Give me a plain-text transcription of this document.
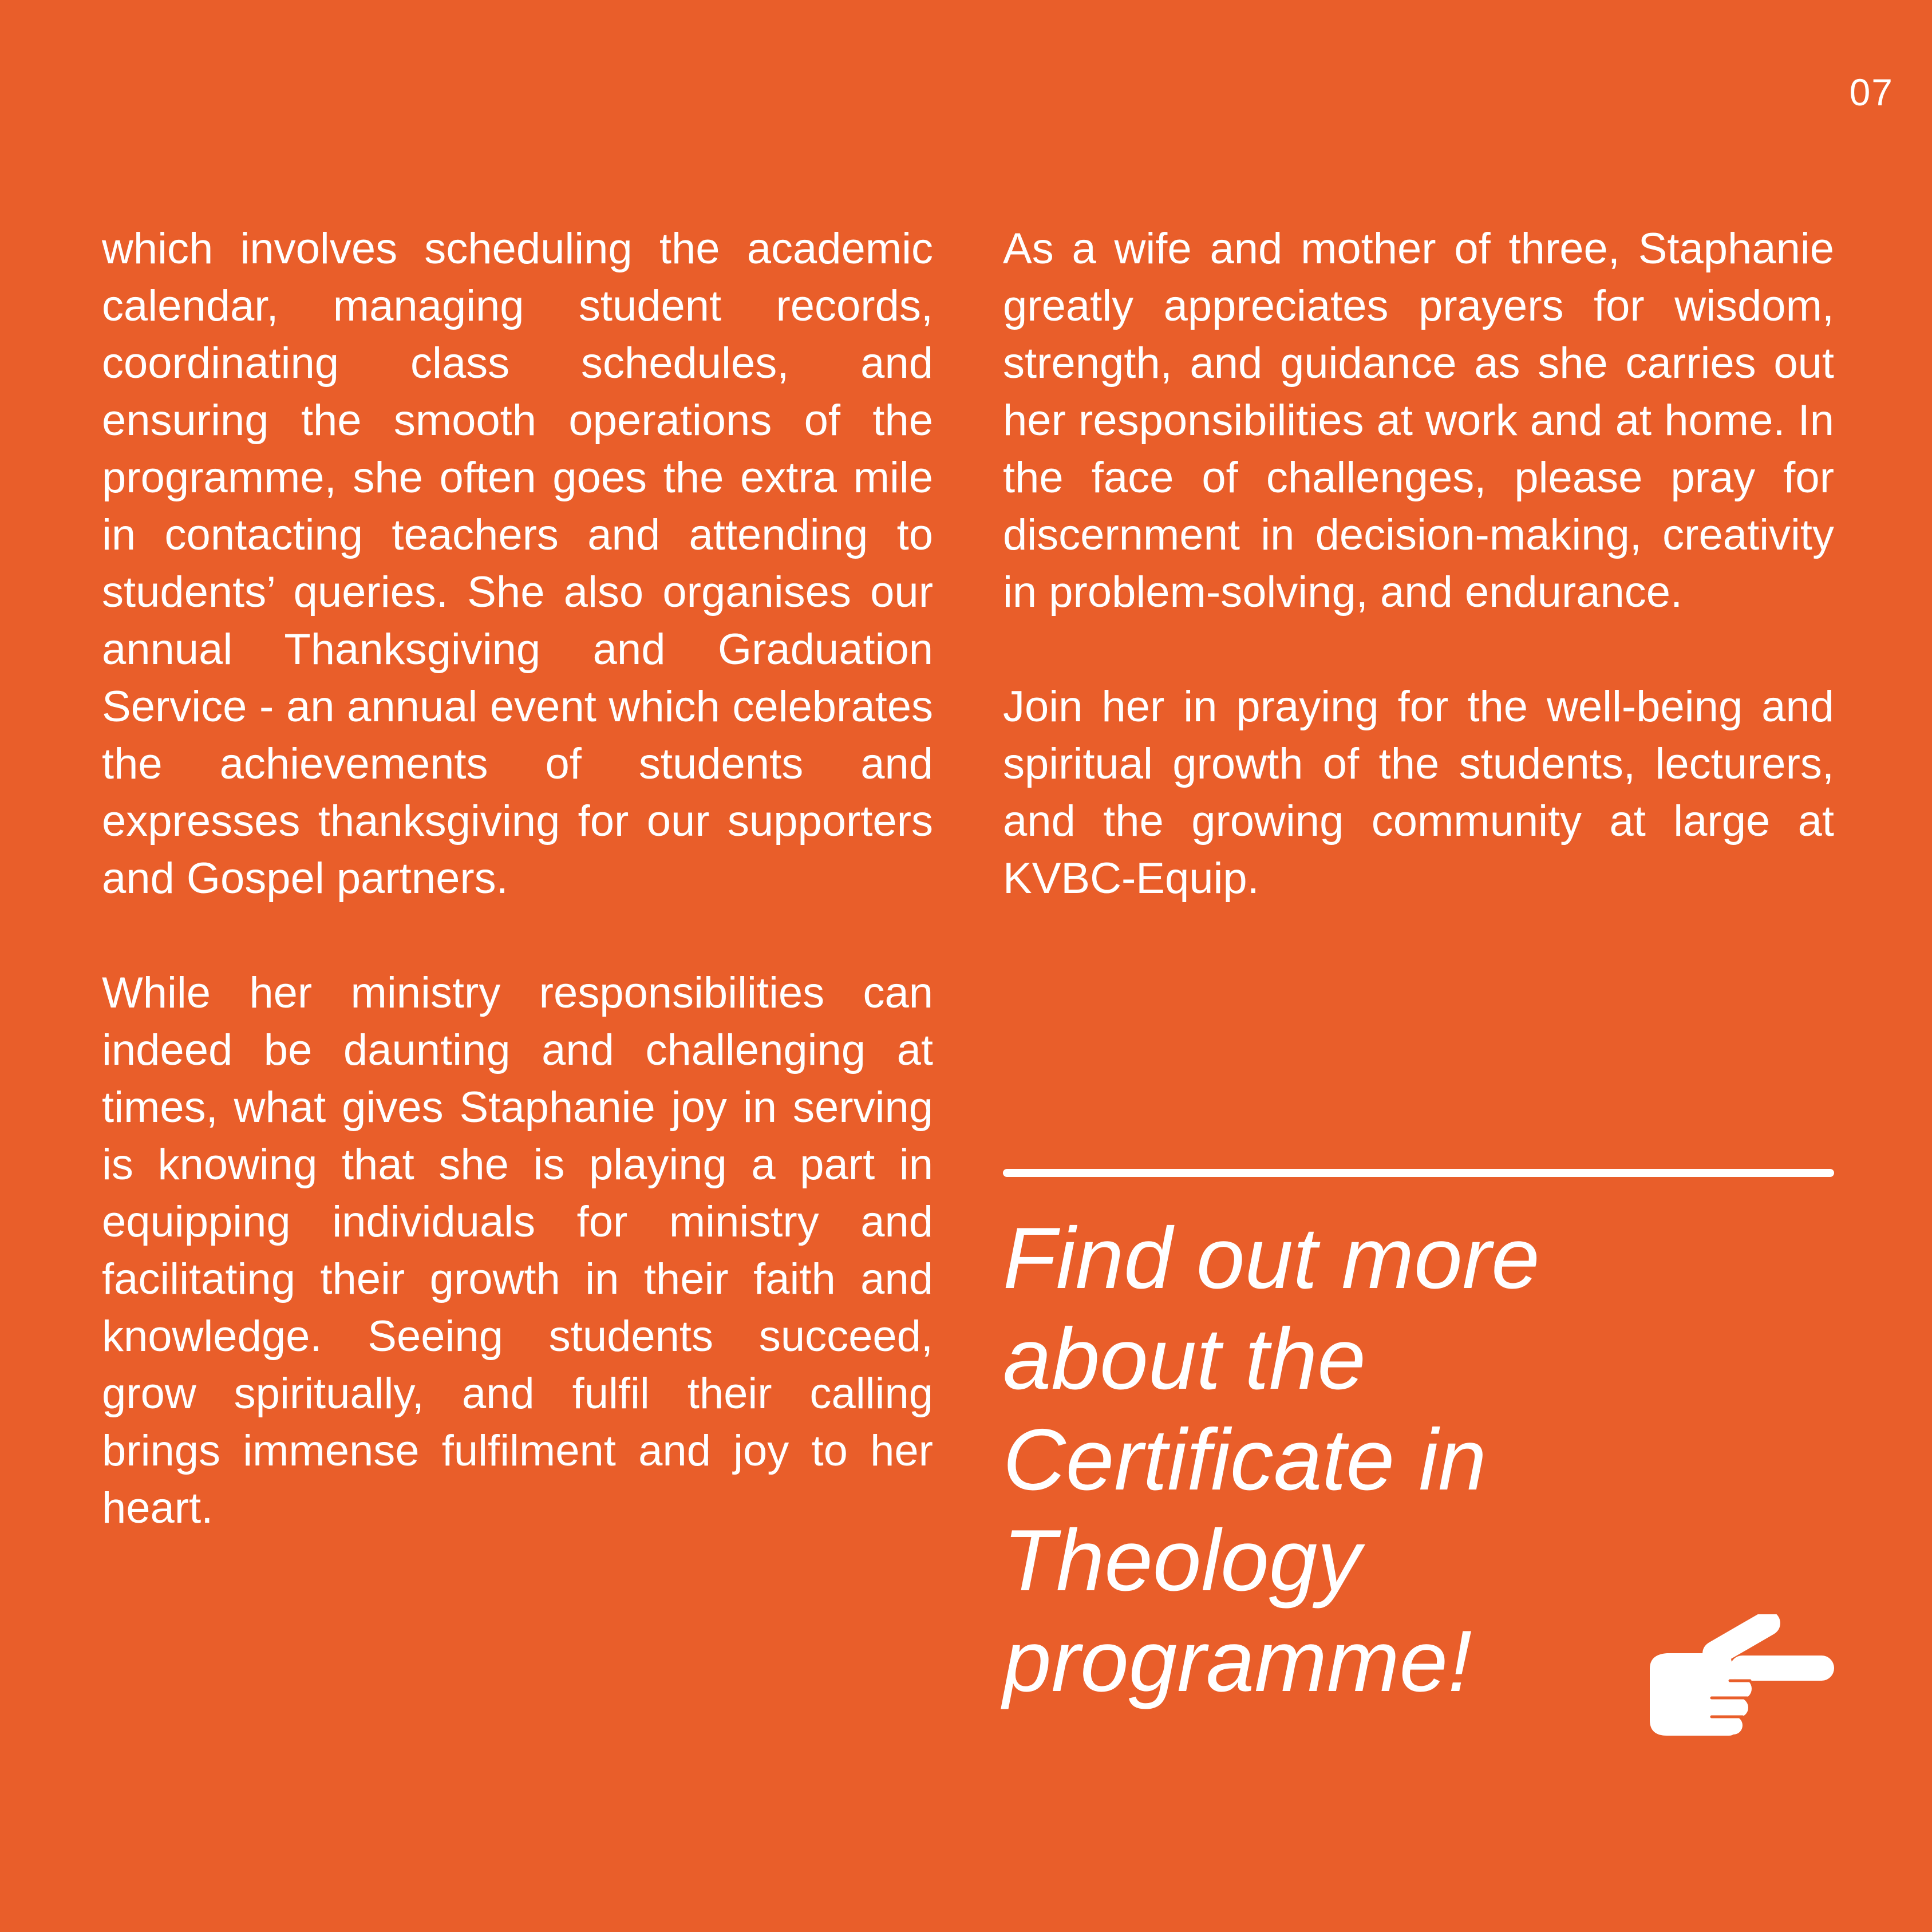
07

which involves scheduling the academic calendar, managing student records, coordinating class schedules, and ensuring the smooth operations of the programme, she often goes the extra mile in contacting teachers and attending to students’ queries. She also organises our annual Thanksgiving and Graduation Service - an annual event which celebrates the achievements of students and expresses thanksgiving for our supporters and Gospel partners.

While her ministry responsibilities can indeed be daunting and challenging at times, what gives Staphanie joy in serving is knowing that she is playing a part in equipping individuals for ministry and facilitating their growth in their faith and knowledge. Seeing students succeed, grow spiritually, and fulfil their calling brings immense fulfilment and joy to her heart.

As a wife and mother of three, Staphanie greatly appreciates prayers for wisdom, strength, and guidance as she carries out her responsibilities at work and at home. In the face of challenges, please pray for discernment in decision-making, creativity in problem-solving, and endurance.

Join her in praying for the well-being and spiritual growth of the students, lecturers, and the growing community at large at KVBC-Equip.

Find out more about the Certificate in Theology programme!
